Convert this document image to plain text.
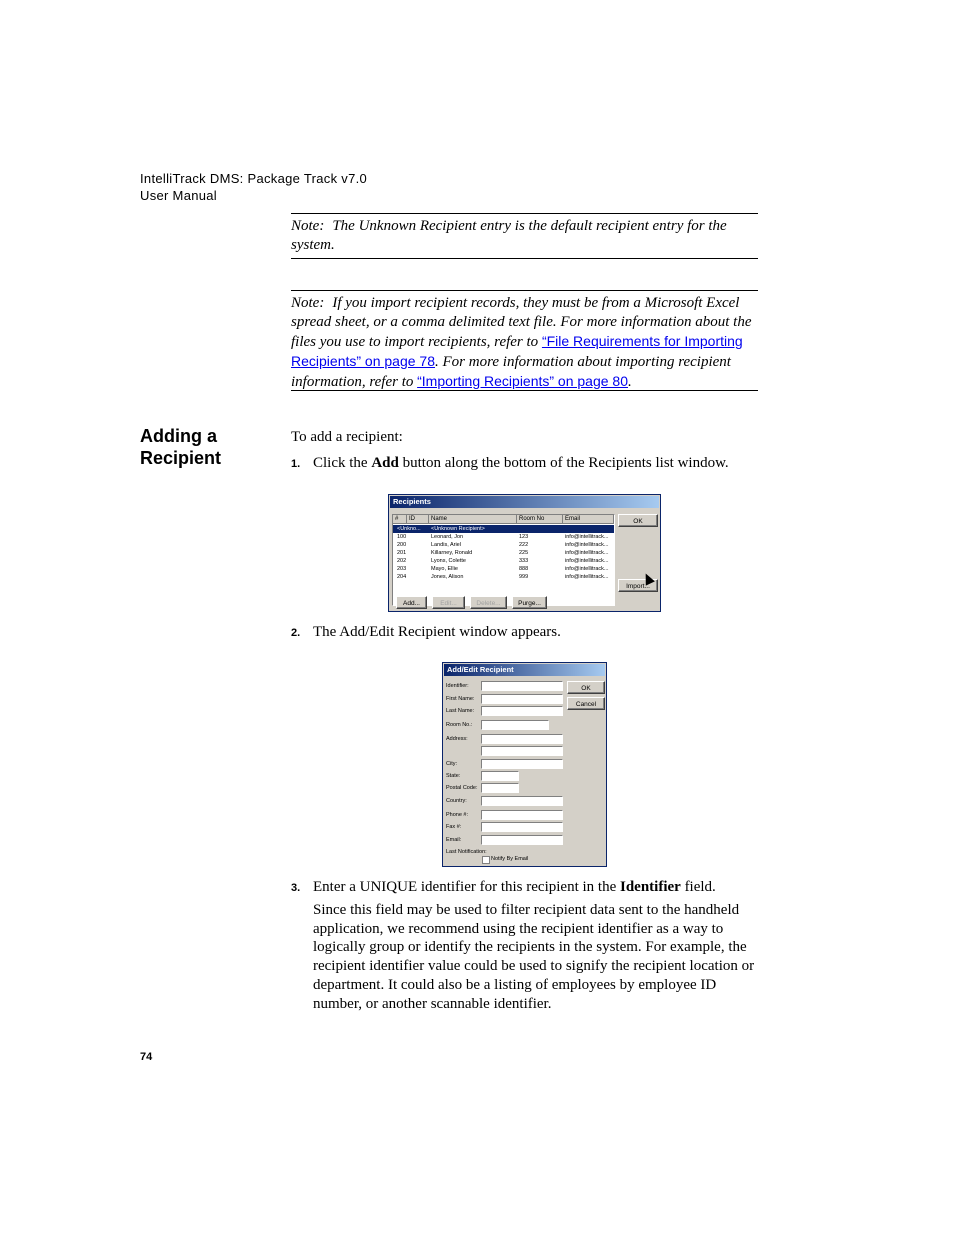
IntelliTrack DMS: Package Track v7.0
User Manual
Note: The Unknown Recipient entry is the default recipient entry for the system.
Note: If you import recipient records, they must be from a Microsoft Excel spread sheet, or a comma delimited text file. For more information about the files you use to import recipients, refer to “File Requirements for Importing Recipients” on page 78. For more information about importing recipient information, refer to “Importing Recipients” on page 80.
Adding a Recipient
To add a recipient:
1. Click the Add button along the bottom of the Recipients list window.
Recipients
#	ID	Name	Room No	Email
<Unkno...	<Unknown Recipient>
100	Leonard, Jon	123	info@intellitrack...
200	Landis, Ariel	222	info@intellitrack...
201	Killarney, Ronald	225	info@intellitrack...
202	Lyons, Colette	333	info@intellitrack...
203	Mayo, Ellie	888	info@intellitrack...
204	Jones, Alison	999	info@intellitrack...
OK
Import...
Add...	Edit...	Delete...	Purge...
2. The Add/Edit Recipient window appears.
Add/Edit Recipient
Identifier:
First Name:
Last Name:
Room No.:
Address:
City:
State:
Postal Code:
Country:
Phone #:
Fax #:
Email:
Last Notification:
OK
Cancel
Notify By Email
3. Enter a UNIQUE identifier for this recipient in the Identifier field.
Since this field may be used to filter recipient data sent to the handheld application, we recommend using the recipient identifier as a way to logically group or identify the recipients in the system. For example, the recipient identifier value could be used to signify the recipient location or department. It could also be a listing of employees by employee ID number, or another scannable identifier.
74
